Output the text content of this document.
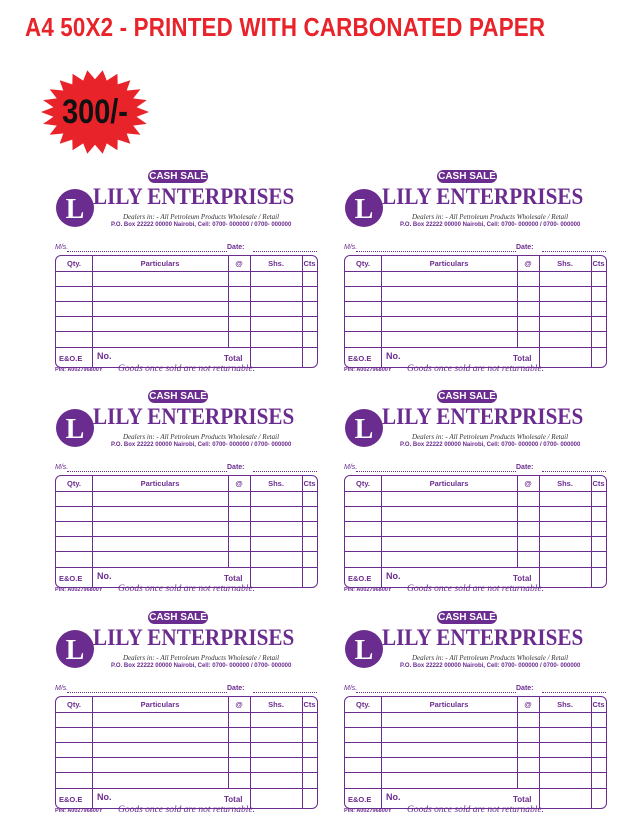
A4 50X2 - PRINTED WITH CARBONATED PAPER
300/-
CASH SALE
L LILY ENTERPRISES
Dealers in: - All Petroleum Products Wholesale / Retail
P.O. Box 22222 00000 Nairobi, Cell: 0700- 000000 / 0700- 000000
M/s.	Date:
Qty.	Particulars	@	Shs.	Cts
E&O.E No.	Total
PIN: A002796800Y Goods once sold are not returnable.
CASH SALE
L LILY ENTERPRISES
Dealers in: - All Petroleum Products Wholesale / Retail
P.O. Box 22222 00000 Nairobi, Cell: 0700- 000000 / 0700- 000000
M/s.	Date:
Qty.	Particulars	@	Shs.	Cts
E&O.E No.	Total
PIN: A002796800Y Goods once sold are not returnable.
CASH SALE
L LILY ENTERPRISES
Dealers in: - All Petroleum Products Wholesale / Retail
P.O. Box 22222 00000 Nairobi, Cell: 0700- 000000 / 0700- 000000
M/s.	Date:
Qty.	Particulars	@	Shs.	Cts
E&O.E No.	Total
PIN: A002796800Y Goods once sold are not returnable.
CASH SALE
L LILY ENTERPRISES
Dealers in: - All Petroleum Products Wholesale / Retail
P.O. Box 22222 00000 Nairobi, Cell: 0700- 000000 / 0700- 000000
M/s.	Date:
Qty.	Particulars	@	Shs.	Cts
E&O.E No.	Total
PIN: A002796800Y Goods once sold are not returnable.
CASH SALE
L LILY ENTERPRISES
Dealers in: - All Petroleum Products Wholesale / Retail
P.O. Box 22222 00000 Nairobi, Cell: 0700- 000000 / 0700- 000000
M/s.	Date:
Qty.	Particulars	@	Shs.	Cts
E&O.E No.	Total
PIN: A002796800Y Goods once sold are not returnable.
CASH SALE
L LILY ENTERPRISES
Dealers in: - All Petroleum Products Wholesale / Retail
P.O. Box 22222 00000 Nairobi, Cell: 0700- 000000 / 0700- 000000
M/s.	Date:
Qty.	Particulars	@	Shs.	Cts
E&O.E No.	Total
PIN: A002796800Y Goods once sold are not returnable.
